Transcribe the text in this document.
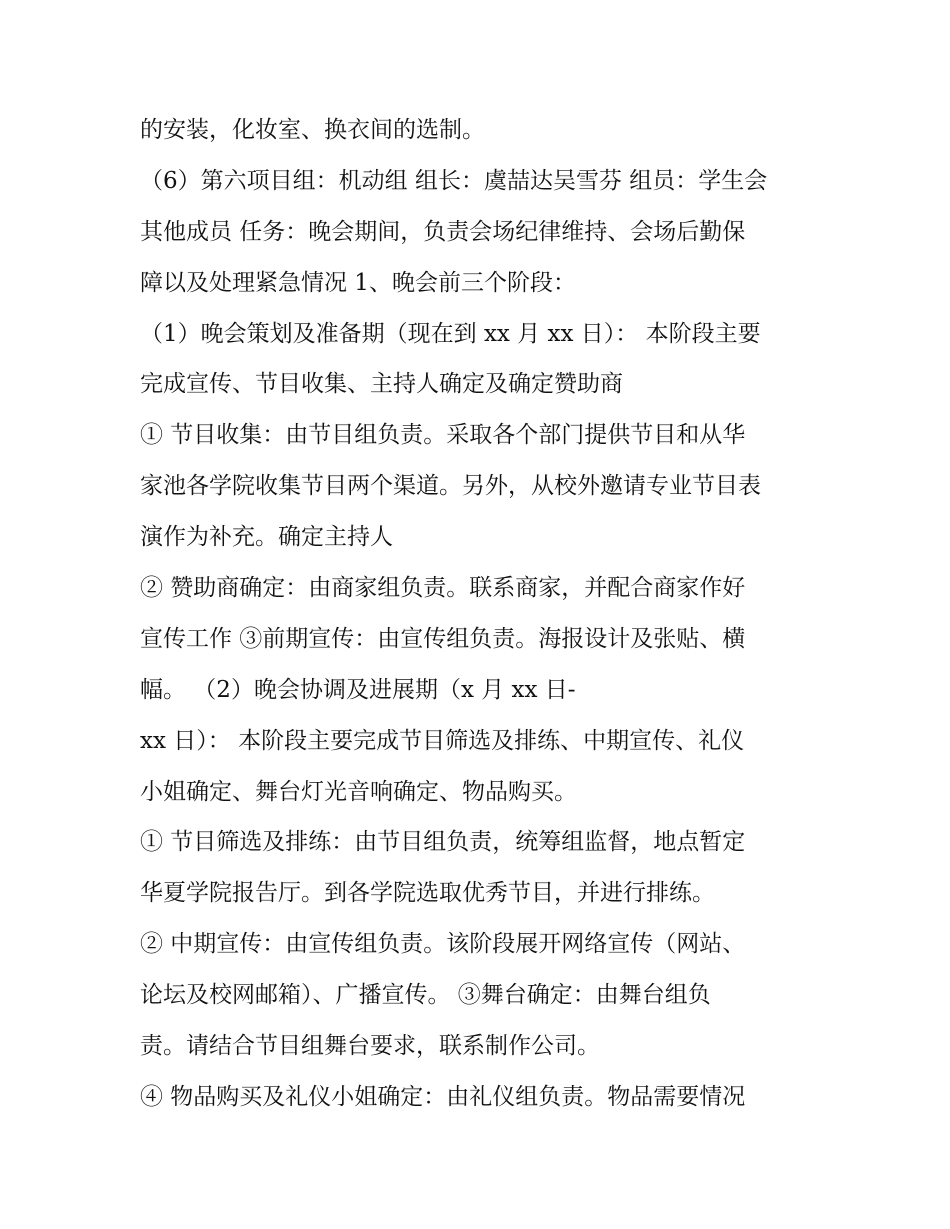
的安装，化妆室、换衣间的选制。
（6）第六项目组：机动组 组长：虞喆达吴雪芬 组员：学生会
其他成员 任务：晚会期间，负责会场纪律维持、会场后勤保
障以及处理紧急情况 1、晚会前三个阶段：
（1）晚会策划及准备期（现在到 xx 月 xx 日）： 本阶段主要
完成宣传、节目收集、主持人确定及确定赞助商
① 节目收集：由节目组负责。采取各个部门提供节目和从华
家池各学院收集节目两个渠道。另外，从校外邀请专业节目表
演作为补充。确定主持人
② 赞助商确定：由商家组负责。联系商家，并配合商家作好
宣传工作 ③前期宣传：由宣传组负责。海报设计及张贴、横
幅。 （2）晚会协调及进展期（x 月 xx 日-
xx 日）： 本阶段主要完成节目筛选及排练、中期宣传、礼仪
小姐确定、舞台灯光音响确定、物品购买。
① 节目筛选及排练：由节目组负责，统筹组监督，地点暂定
华夏学院报告厅。到各学院选取优秀节目，并进行排练。
② 中期宣传：由宣传组负责。该阶段展开网络宣传（网站、
论坛及校网邮箱）、广播宣传。 ③舞台确定：由舞台组负
责。请结合节目组舞台要求，联系制作公司。
④ 物品购买及礼仪小姐确定：由礼仪组负责。物品需要情况
